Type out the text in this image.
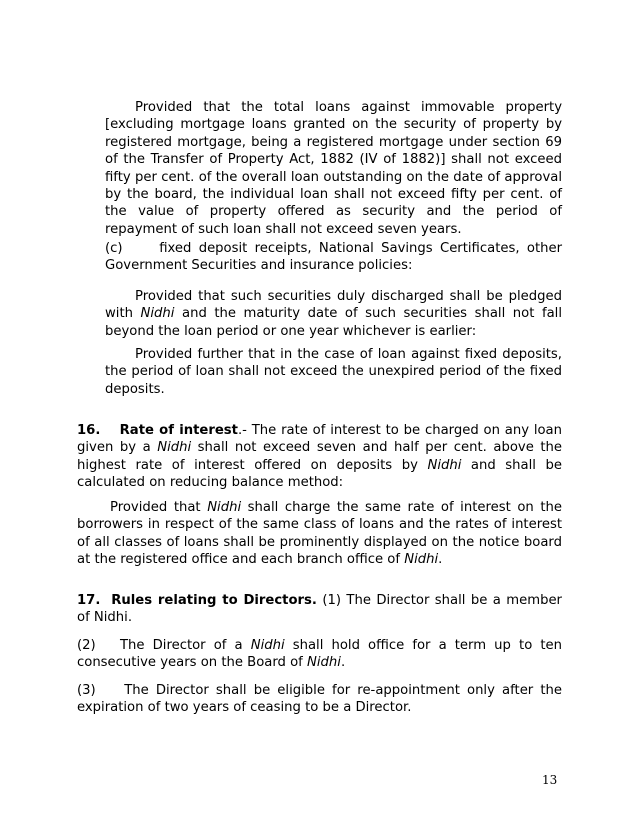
Provided that the total loans against immovable property [excluding mortgage loans granted on the security of property by registered mortgage, being a registered mortgage under section 69 of the Transfer of Property Act, 1882 (IV of 1882)] shall not exceed fifty per cent. of the overall loan outstanding on the date of approval by the board, the individual loan shall not exceed fifty per cent. of the value of property offered as security and the period of repayment of such loan shall not exceed seven years.
(c)	fixed deposit receipts, National Savings Certificates, other Government Securities and insurance policies:
Provided that such securities duly discharged shall be pledged with Nidhi and the maturity date of such securities shall not fall beyond the loan period or one year whichever is earlier:
Provided further that in the case of loan against fixed deposits, the period of loan shall not exceed the unexpired period of the fixed deposits.
16. Rate of interest.- The rate of interest to be charged on any loan given by a Nidhi shall not exceed seven and half per cent. above the highest rate of interest offered on deposits by Nidhi and shall be calculated on reducing balance method:
Provided that Nidhi shall charge the same rate of interest on the borrowers in respect of the same class of loans and the rates of interest of all classes of loans shall be prominently displayed on the notice board at the registered office and each branch office of Nidhi.
17. Rules relating to Directors. (1) The Director shall be a member of Nidhi.
(2) The Director of a Nidhi shall hold office for a term up to ten consecutive years on the Board of Nidhi.
(3) The Director shall be eligible for re-appointment only after the expiration of two years of ceasing to be a Director.
13
